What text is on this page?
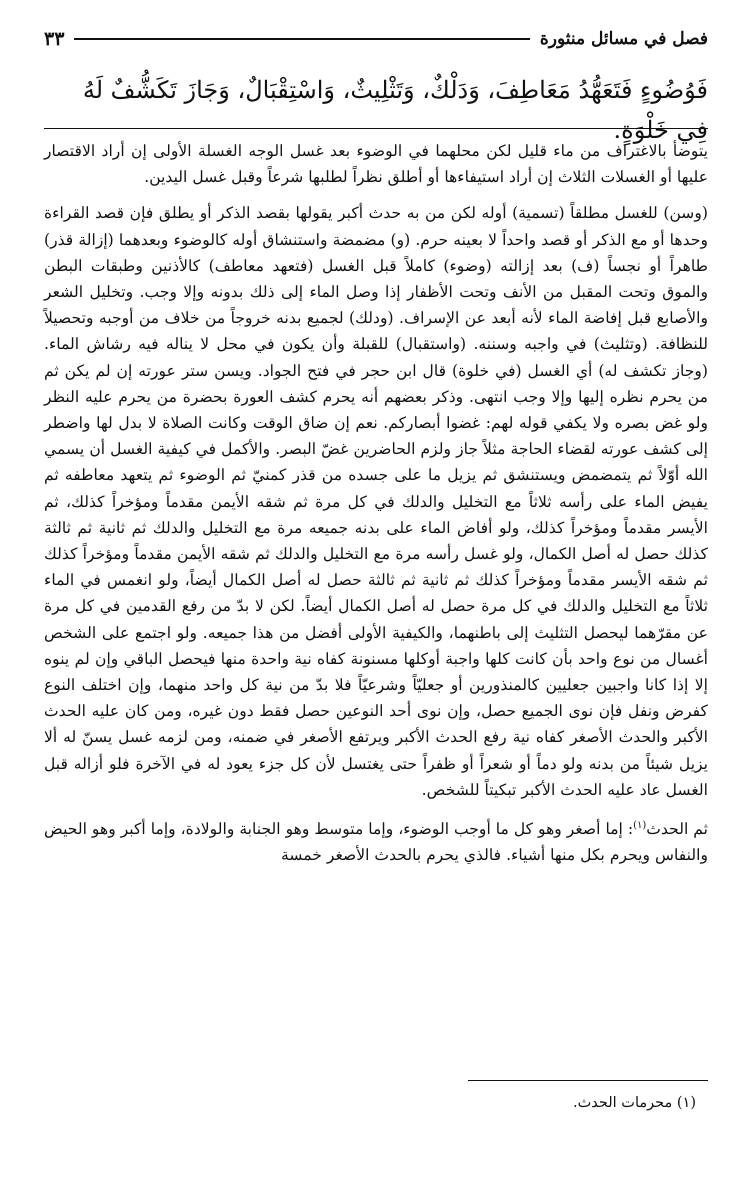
فصل في مسائل منثورة
٣٣
فَوُضُوءٍ فَتَعَهُّدُ مَعَاطِفَ، وَدَلْكٌ، وَتَثْلِيثٌ، وَاسْتِقْبَالٌ، وَجَازَ تَكَشُّفٌ لَهُ فِي خَلْوَةٍ.

يتوضأ بالاغتراف من ماء قليل لكن محلهما في الوضوء بعد غسل الوجه الغسلة الأولى إن أراد الاقتصار عليها أو الغسلات الثلاث إن أراد استيفاءها أو أطلق نظراً لطلبها شرعاً وقبل غسل اليدين.

(وسن) للغسل مطلقاً (تسمية) أوله لكن من به حدث أكبر يقولها بقصد الذكر أو يطلق فإن قصد القراءة وحدها أو مع الذكر أو قصد واحداً لا بعينه حرم. (و) مضمضة واستنشاق أوله كالوضوء وبعدهما (إزالة قذر) طاهراً أو نجساً (ف) بعد إزالته (وضوء) كاملاً قبل الغسل (فتعهد معاطف) كالأذنين وطبقات البطن والموق وتحت المقبل من الأنف وتحت الأظفار إذا وصل الماء إلى ذلك بدونه وإلا وجب. وتخليل الشعر والأصابع قبل إفاضة الماء لأنه أبعد عن الإسراف. (ودلك) لجميع بدنه خروجاً من خلاف من أوجبه وتحصيلاً للنظافة. (وتثليث) في واجبه وسننه. (واستقبال) للقبلة وأن يكون في محل لا يناله فيه رشاش الماء. (وجاز تكشف له) أي الغسل (في خلوة) قال ابن حجر في فتح الجواد. ويسن ستر عورته إن لم يكن ثم من يحرم نظره إليها وإلا وجب انتهى. وذكر بعضهم أنه يحرم كشف العورة بحضرة من يحرم عليه النظر ولو غض بصره ولا يكفي قوله لهم: غضوا أبصاركم. نعم إن ضاق الوقت وكانت الصلاة لا بدل لها واضطر إلى كشف عورته لقضاء الحاجة مثلاً جاز ولزم الحاضرين غضّ البصر. والأكمل في كيفية الغسل أن يسمي الله أوّلاً ثم يتمضمض ويستنشق ثم يزيل ما على جسده من قذر كمنيّ ثم الوضوء ثم يتعهد معاطفه ثم يفيض الماء على رأسه ثلاثاً مع التخليل والدلك في كل مرة ثم شقه الأيمن مقدماً ومؤخراً كذلك، ثم الأيسر مقدماً ومؤخراً كذلك، ولو أفاض الماء على بدنه جميعه مرة مع التخليل والدلك ثم ثانية ثم ثالثة كذلك حصل له أصل الكمال، ولو غسل رأسه مرة مع التخليل والدلك ثم شقه الأيمن مقدماً ومؤخراً كذلك ثم شقه الأيسر مقدماً ومؤخراً كذلك ثم ثانية ثم ثالثة حصل له أصل الكمال أيضاً، ولو انغمس في الماء ثلاثاً مع التخليل والدلك في كل مرة حصل له أصل الكمال أيضاً. لكن لا بدّ من رفع القدمين في كل مرة عن مقرّهما ليحصل التثليث إلى باطنهما، والكيفية الأولى أفضل من هذا جميعه. ولو اجتمع على الشخص أغسال من نوع واحد بأن كانت كلها واجبة أوكلها مسنونة كفاه نية واحدة منها فيحصل الباقي وإن لم ينوه إلا إذا كانا واجبين جعليين كالمنذورين أو جعليّاً وشرعيّاً فلا بدّ من نية كل واحد منهما، وإن اختلف النوع كفرض ونفل فإن نوى الجميع حصل، وإن نوى أحد النوعين حصل فقط دون غيره، ومن كان عليه الحدث الأكبر والحدث الأصغر كفاه نية رفع الحدث الأكبر ويرتفع الأصغر في ضمنه، ومن لزمه غسل يسنّ له ألا يزيل شيئاً من بدنه ولو دماً أو شعراً أو ظفراً حتى يغتسل لأن كل جزء يعود له في الآخرة فلو أزاله قبل الغسل عاد عليه الحدث الأكبر تبكيتاً للشخص.

ثم الحدث$^{(١)}$: إما أصغر وهو كل ما أوجب الوضوء، وإما متوسط وهو الجنابة والولادة، وإما أكبر وهو الحيض والنفاس ويحرم بكل منها أشياء. فالذي يحرم بالحدث الأصغر خمسة

(١) محرمات الحدث.
